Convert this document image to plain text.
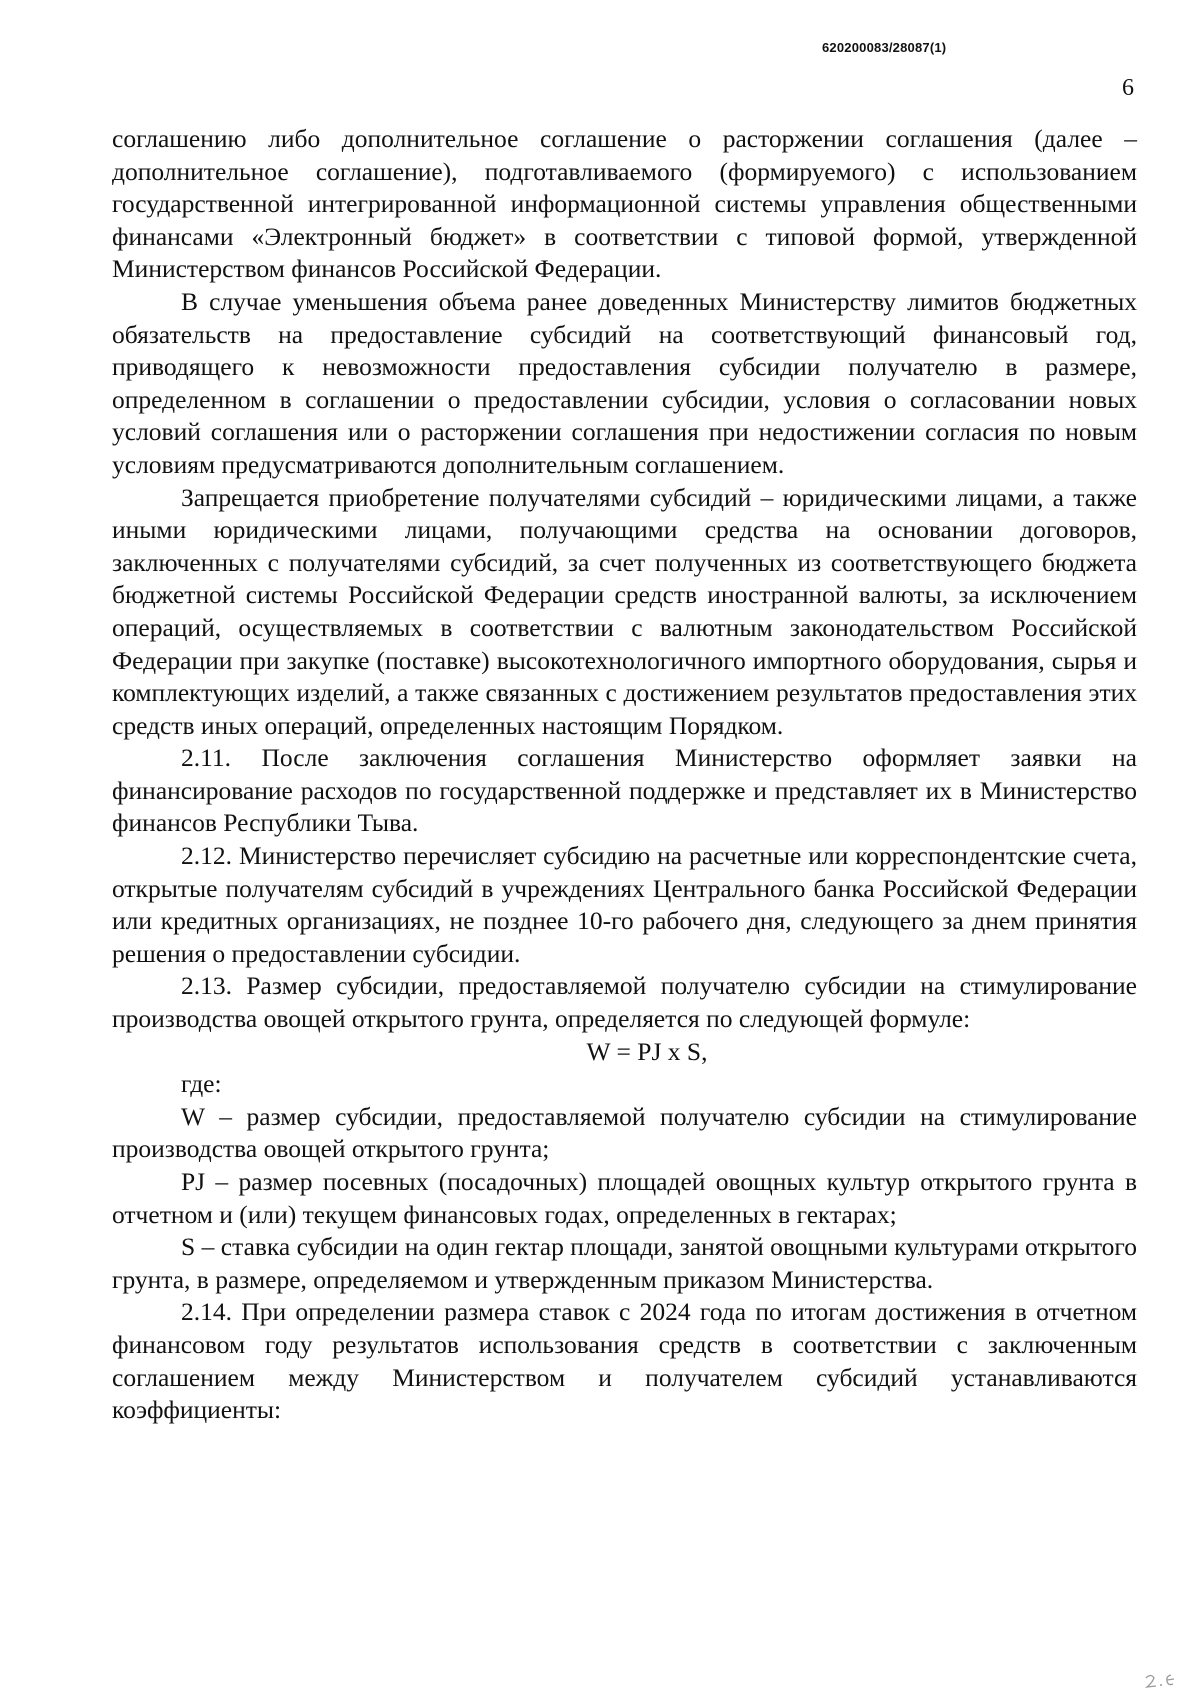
620200083/28087(1)
6

соглашению либо дополнительное соглашение о расторжении соглашения (далее – дополнительное соглашение), подготавливаемого (формируемого) с использованием государственной интегрированной информационной системы управления общественными финансами «Электронный бюджет» в соответствии с типовой формой, утвержденной Министерством финансов Российской Федерации.

В случае уменьшения объема ранее доведенных Министерству лимитов бюджетных обязательств на предоставление субсидий на соответствующий финансовый год, приводящего к невозможности предоставления субсидии получателю в размере, определенном в соглашении о предоставлении субсидии, условия о согласовании новых условий соглашения или о расторжении соглашения при недостижении согласия по новым условиям предусматриваются дополнительным соглашением.

Запрещается приобретение получателями субсидий – юридическими лицами, а также иными юридическими лицами, получающими средства на основании договоров, заключенных с получателями субсидий, за счет полученных из соответствующего бюджета бюджетной системы Российской Федерации средств иностранной валюты, за исключением операций, осуществляемых в соответствии с валютным законодательством Российской Федерации при закупке (поставке) высокотехнологичного импортного оборудования, сырья и комплектующих изделий, а также связанных с достижением результатов предоставления этих средств иных операций, определенных настоящим Порядком.

2.11. После заключения соглашения Министерство оформляет заявки на финансирование расходов по государственной поддержке и представляет их в Министерство финансов Республики Тыва.

2.12. Министерство перечисляет субсидию на расчетные или корреспондентские счета, открытые получателям субсидий в учреждениях Центрального банка Российской Федерации или кредитных организациях, не позднее 10-го рабочего дня, следующего за днем принятия решения о предоставлении субсидии.

2.13. Размер субсидии, предоставляемой получателю субсидии на стимулирование производства овощей открытого грунта, определяется по следующей формуле:

W = PJ x S,

где:

W – размер субсидии, предоставляемой получателю субсидии на стимулирование производства овощей открытого грунта;

PJ – размер посевных (посадочных) площадей овощных культур открытого грунта в отчетном и (или) текущем финансовых годах, определенных в гектарах;

S – ставка субсидии на один гектар площади, занятой овощными культурами открытого грунта, в размере, определяемом и утвержденным приказом Министерства.

2.14. При определении размера ставок с 2024 года по итогам достижения в отчетном финансовом году результатов использования средств в соответствии с заключенным соглашением между Министерством и получателем субсидий устанавливаются коэффициенты:
